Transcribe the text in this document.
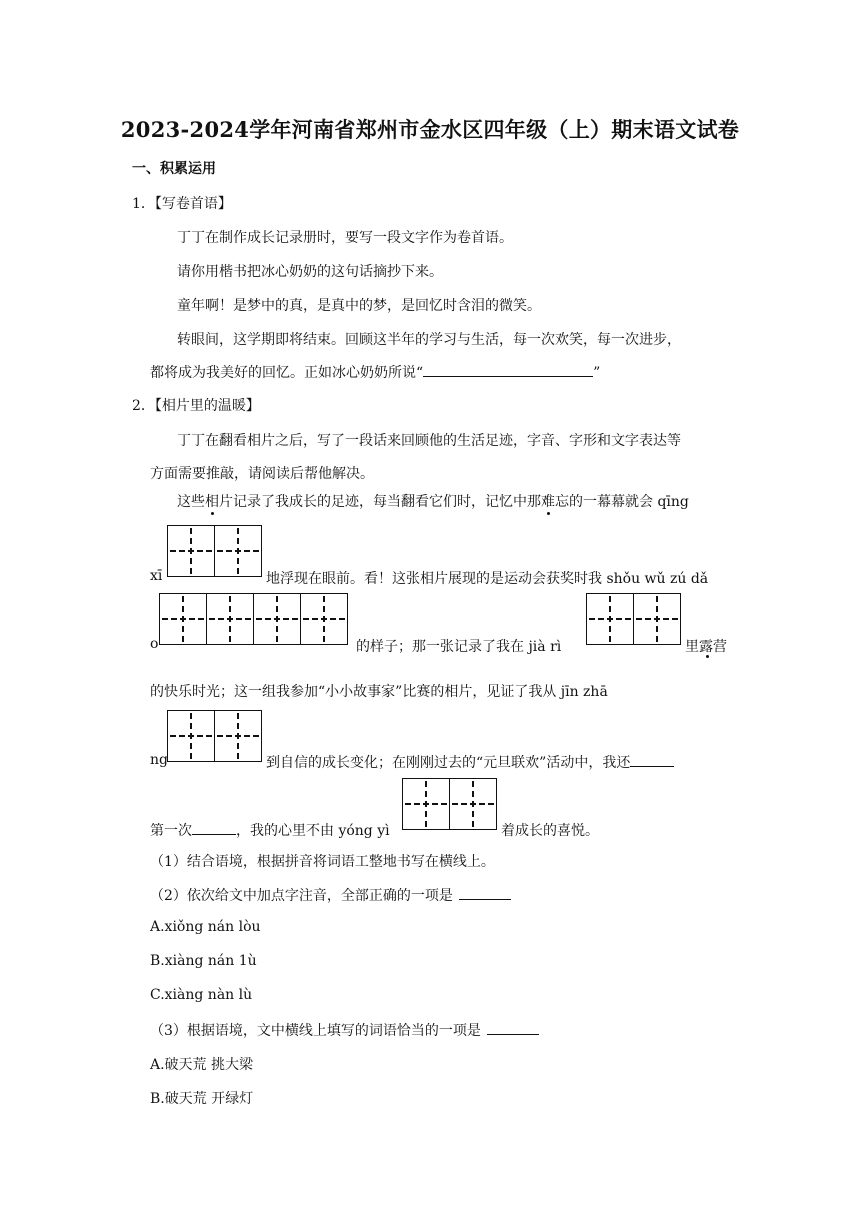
2023-2024学年河南省郑州市金水区四年级（上）期末语文试卷
一、积累运用
1．【写卷首语】
丁丁在制作成长记录册时，要写一段文字作为卷首语。
请你用楷书把冰心奶奶的这句话摘抄下来。
童年啊！是梦中的真，是真中的梦，是回忆时含泪的微笑。
转眼间，这学期即将结束。回顾这半年的学习与生活，每一次欢笑，每一次进步，
都将成为我美好的回忆。正如冰心奶奶所说“	”
2．【相片里的温暖】
丁丁在翻看相片之后，写了一段话来回顾他的生活足迹，字音、字形和文字表达等
方面需要推敲，请阅读后帮他解决。
这些相片记录了我成长的足迹，每当翻看它们时，记忆中那难忘的一幕幕就会 qīng
xī	地浮现在眼前。看！这张相片展现的是运动会获奖时我 shǒu wǔ zú dǎ
o	的样子；那一张记录了我在 jià rì	里露营
的快乐时光；这一组我参加“小小故事家”比赛的相片，见证了我从 jīn zhā
ng	到自信的成长变化；在刚刚过去的“元旦联欢”活动中，我还
第一次	，我的心里不由 yóng yì	着成长的喜悦。
（1）结合语境，根据拼音将词语工整地书写在横线上。
（2）依次给文中加点字注音，全部正确的一项是
A.xiǒng nán lòu
B.xiàng nán 1ù
C.xiàng nàn lù
（3）根据语境，文中横线上填写的词语恰当的一项是
A.破天荒 挑大梁
B.破天荒 开绿灯
